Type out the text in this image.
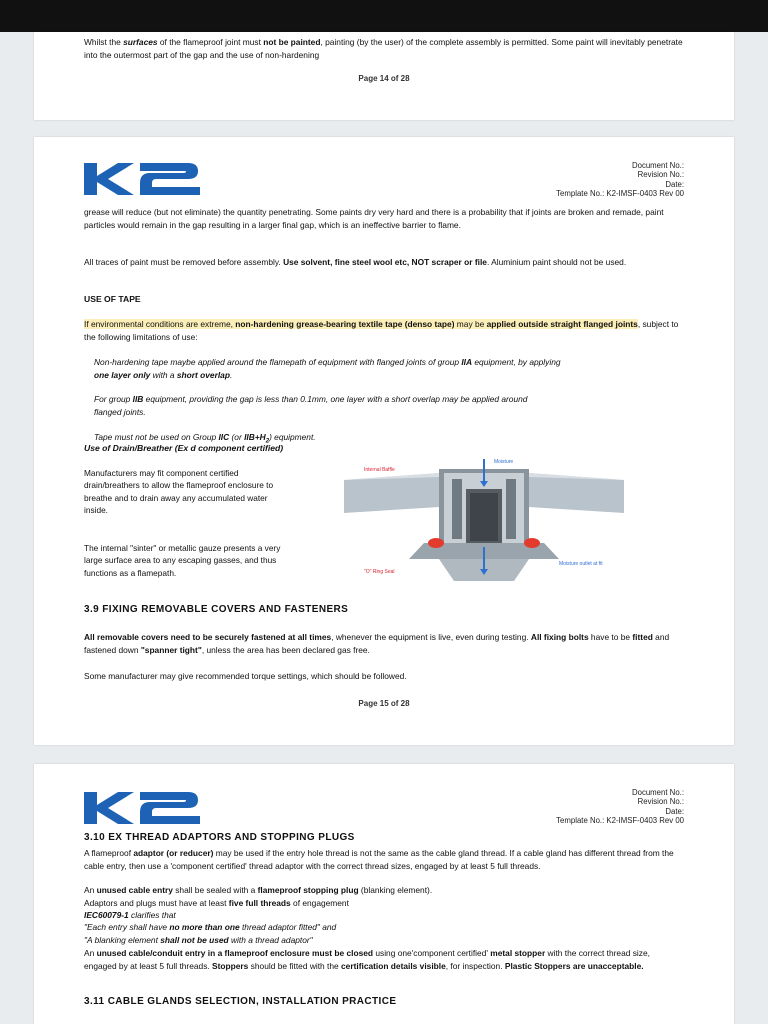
Whilst the surfaces of the flameproof joint must not be painted, painting (by the user) of the complete assembly is permitted. Some paint will inevitably penetrate into the outermost part of the gap and the use of non-hardening

Page 14 of 28
Document No.:
Revision No.:
Date:
Template No.: K2-IMSF-0403 Rev 00

grease will reduce (but not eliminate) the quantity penetrating. Some paints dry very hard and there is a probability that if joints are broken and remade, paint particles would remain in the gap resulting in a larger final gap, which is an ineffective barrier to flame.

All traces of paint must be removed before assembly. Use solvent, fine steel wool etc, NOT scraper or file. Aluminium paint should not be used.

USE OF TAPE

If environmental conditions are extreme, non-hardening grease-bearing textile tape (denso tape) may be applied outside straight flanged joints, subject to the following limitations of use:

Non-hardening tape maybe applied around the flamepath of equipment with flanged joints of group IIA equipment, by applying one layer only with a short overlap.

For group IIB equipment, providing the gap is less than 0.1mm, one layer with a short overlap may be applied around flanged joints.

Tape must not be used on Group IIC (or $IIB+H_2$) equipment.

Use of Drain/Breather (Ex d component certified)

Manufacturers may fit component certified drain/breathers to allow the flameproof enclosure to breathe and to drain away any accumulated water inside.

The internal "sinter" or metallic gauze presents a very large surface area to any escaping gasses, and thus functions as a flamepath.

Moisture
Internal Baffle
"O" Ring Seal
Moisture outlet at fit
3.9 FIXING REMOVABLE COVERS AND FASTENERS

All removable covers need to be securely fastened at all times, whenever the equipment is live, even during testing. All fixing bolts have to be fitted and fastened down "spanner tight", unless the area has been declared gas free.

Some manufacturer may give recommended torque settings, which should be followed.

Page 15 of 28
Document No.:
Revision No.:
Date:
Template No.: K2-IMSF-0403 Rev 00
3.10 EX THREAD ADAPTORS AND STOPPING PLUGS

A flameproof adaptor (or reducer) may be used if the entry hole thread is not the same as the cable gland thread. If a cable gland has different thread from the cable entry, then use a 'component certified' thread adaptor with the correct thread sizes, engaged by at least 5 full threads.

An unused cable entry shall be sealed with a flameproof stopping plug (blanking element).

Adaptors and plugs must have at least five full threads of engagement

IEC60079-1 clarifies that

"Each entry shall have no more than one thread adaptor fitted" and

"A blanking element shall not be used with a thread adaptor"

An unused cable/conduit entry in a flameproof enclosure must be closed using one'component certified' metal stopper with the correct thread size, engaged by at least 5 full threads. Stoppers should be fitted with the certification details visible, for inspection. Plastic Stoppers are unacceptable.

3.11 CABLE GLANDS SELECTION, INSTALLATION PRACTICE
